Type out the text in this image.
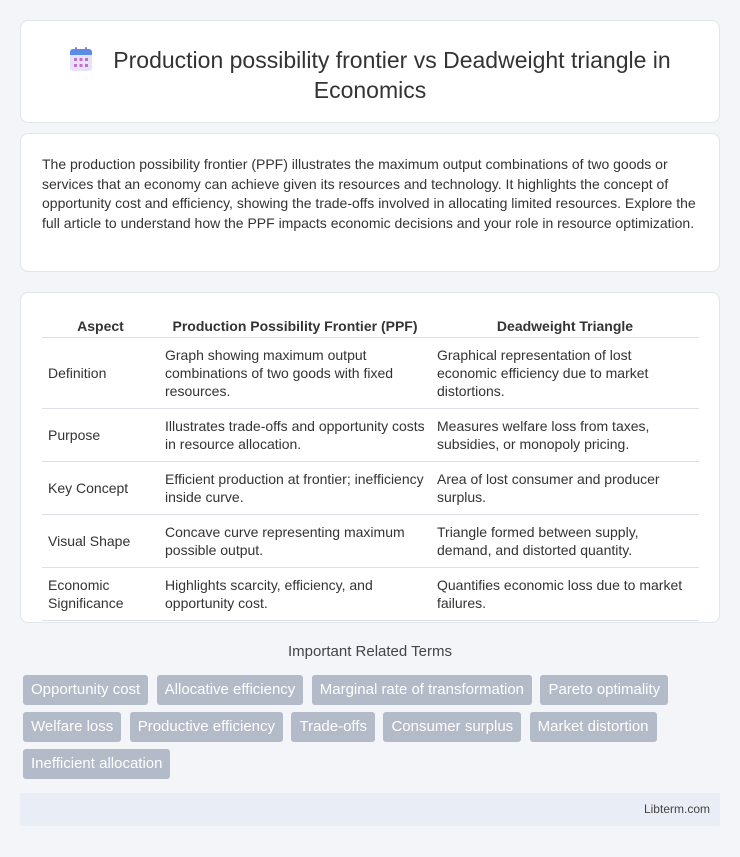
Production possibility frontier vs Deadweight triangle in Economics

The production possibility frontier (PPF) illustrates the maximum output combinations of two goods or services that an economy can achieve given its resources and technology. It highlights the concept of opportunity cost and efficiency, showing the trade-offs involved in allocating limited resources. Explore the full article to understand how the PPF impacts economic decisions and your role in resource optimization.

Aspect	Production Possibility Frontier (PPF)	Deadweight Triangle
Definition	Graph showing maximum output combinations of two goods with fixed resources.	Graphical representation of lost economic efficiency due to market distortions.
Purpose	Illustrates trade-offs and opportunity costs in resource allocation.	Measures welfare loss from taxes, subsidies, or monopoly pricing.
Key Concept	Efficient production at frontier; inefficiency inside curve.	Area of lost consumer and producer surplus.
Visual Shape	Concave curve representing maximum possible output.	Triangle formed between supply, demand, and distorted quantity.
Economic Significance	Highlights scarcity, efficiency, and opportunity cost.	Quantifies economic loss due to market failures.
Important Related Terms
Opportunity cost Allocative efficiency Marginal rate of transformation Pareto optimality Welfare loss Productive efficiency Trade-offs Consumer surplus Market distortion Inefficient allocation
Libterm.com
